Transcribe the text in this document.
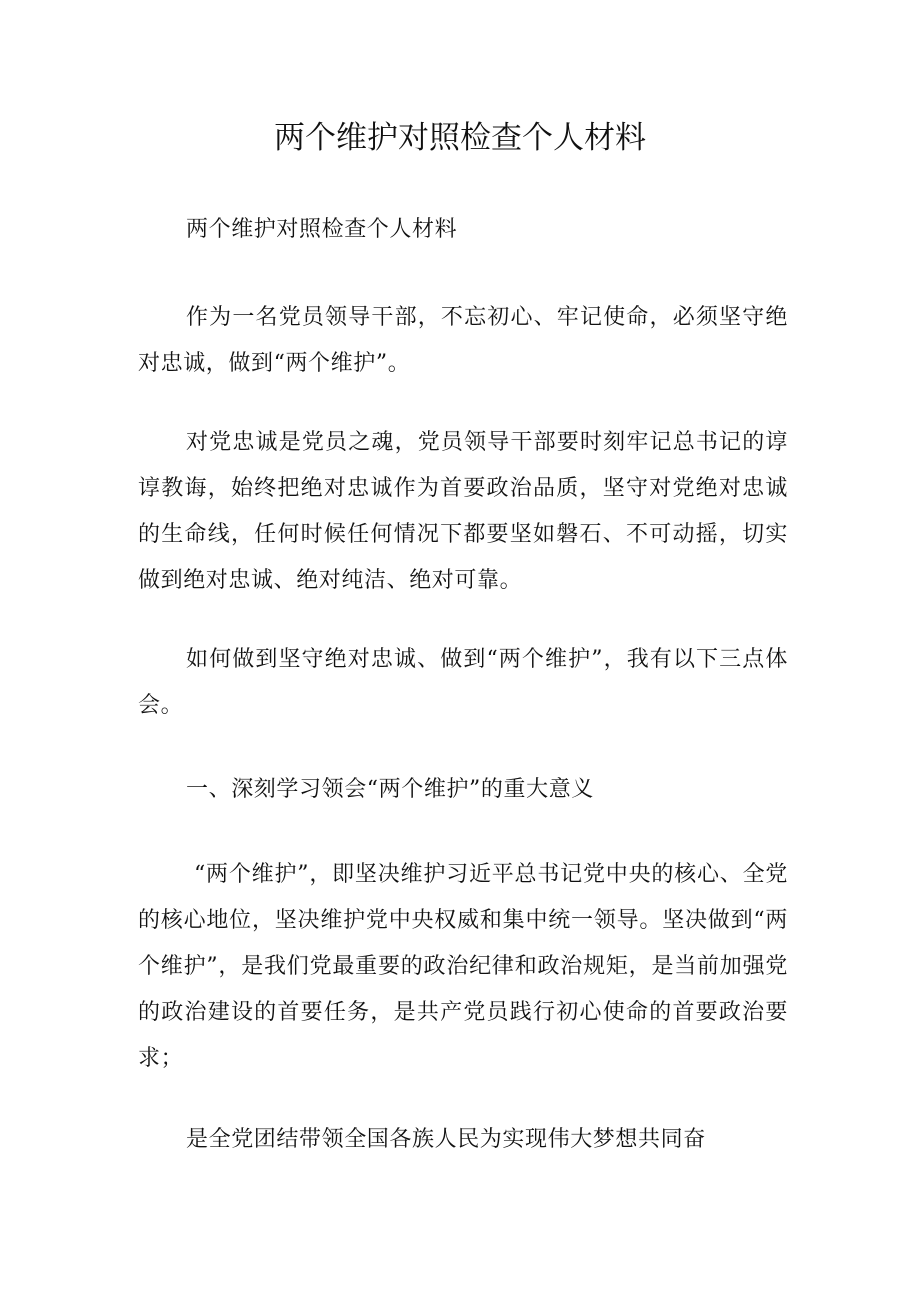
两个维护对照检查个人材料

两个维护对照检查个人材料

作为一名党员领导干部，不忘初心、牢记使命，必须坚守绝对忠诚，做到“两个维护”。

对党忠诚是党员之魂，党员领导干部要时刻牢记总书记的谆谆教诲，始终把绝对忠诚作为首要政治品质，坚守对党绝对忠诚的生命线，任何时候任何情况下都要坚如磐石、不可动摇，切实做到绝对忠诚、绝对纯洁、绝对可靠。

如何做到坚守绝对忠诚、做到“两个维护”，我有以下三点体会。

一、深刻学习领会“两个维护”的重大意义

“两个维护”，即坚决维护习近平总书记党中央的核心、全党的核心地位，坚决维护党中央权威和集中统一领导。坚决做到“两个维护”，是我们党最重要的政治纪律和政治规矩，是当前加强党的政治建设的首要任务，是共产党员践行初心使命的首要政治要求；

是全党团结带领全国各族人民为实现伟大梦想共同奋
